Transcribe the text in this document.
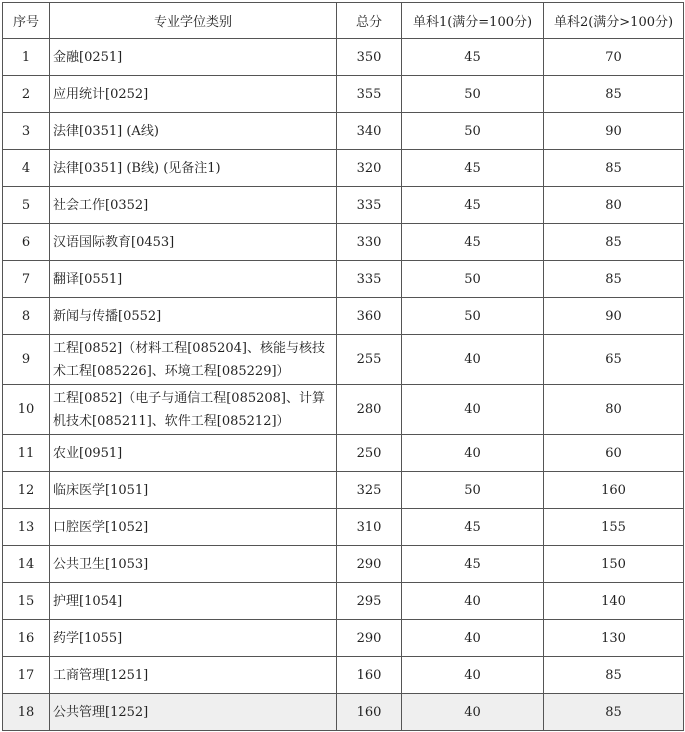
序号	专业学位类别	总分	单科1(满分=100分)	单科2(满分>100分)
1	金融[0251]	350	45	70
2	应用统计[0252]	355	50	85
3	法律[0351] (A线)	340	50	90
4	法律[0351] (B线) (见备注1)	320	45	85
5	社会工作[0352]	335	45	80
6	汉语国际教育[0453]	330	45	85
7	翻译[0551]	335	50	85
8	新闻与传播[0552]	360	50	90
9	工程[0852]（材料工程[085204]、核能与核技术工程[085226]、环境工程[085229]）	255	40	65
10	工程[0852]（电子与通信工程[085208]、计算机技术[085211]、软件工程[085212]）	280	40	80
11	农业[0951]	250	40	60
12	临床医学[1051]	325	50	160
13	口腔医学[1052]	310	45	155
14	公共卫生[1053]	290	45	150
15	护理[1054]	295	40	140
16	药学[1055]	290	40	130
17	工商管理[1251]	160	40	85
18	公共管理[1252]	160	40	85
